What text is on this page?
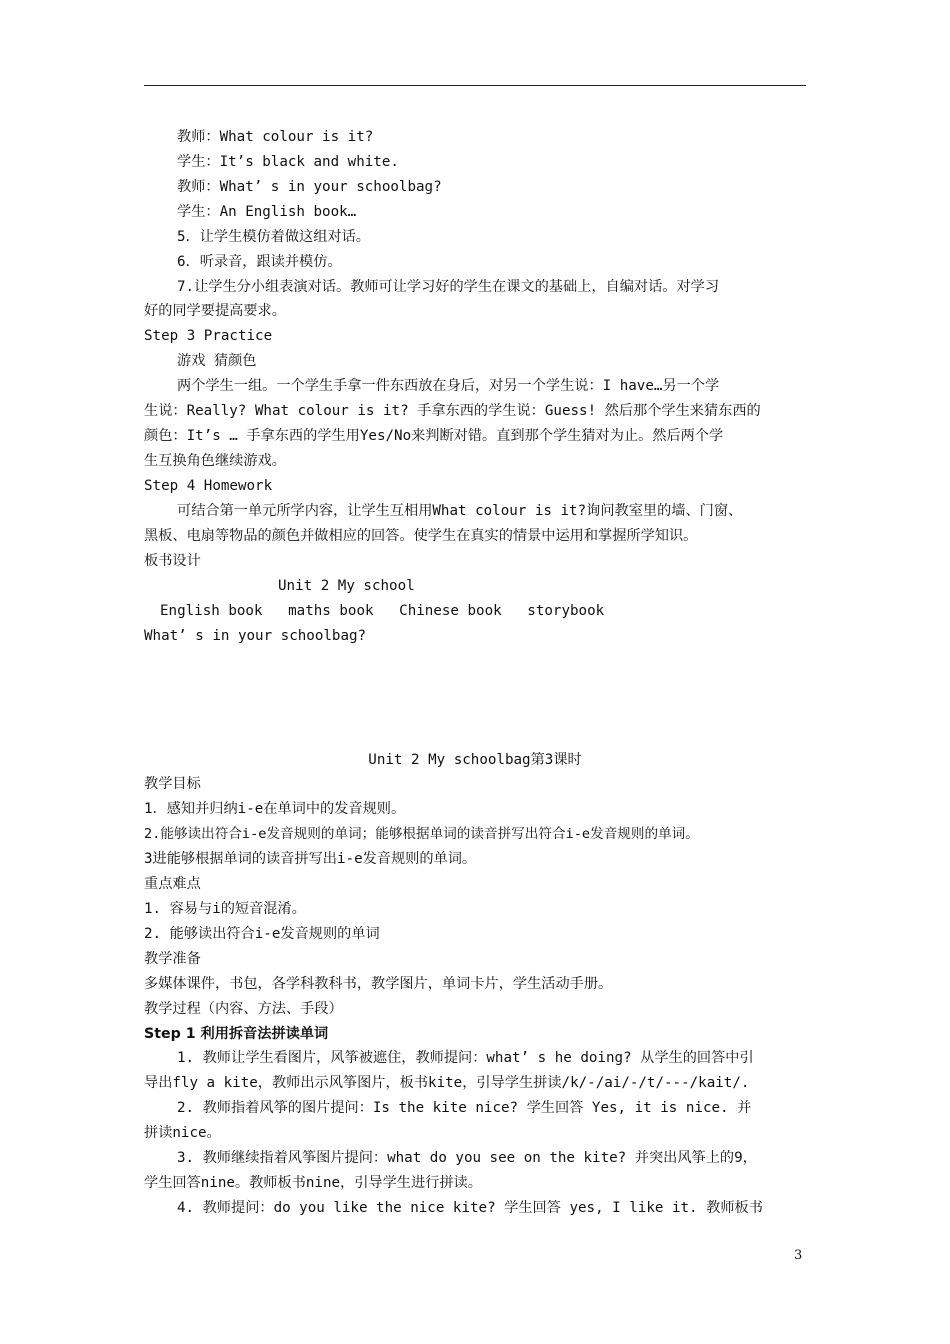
教师：What colour is it?
学生：It’s black and white.
教师：What’ s in your schoolbag?
学生：An English book…
5．让学生模仿着做这组对话。
6．听录音，跟读并模仿。
7.让学生分小组表演对话。教师可让学习好的学生在课文的基础上，自编对话。对学习
好的同学要提高要求。
Step 3 Practice
游戏 猜颜色
两个学生一组。一个学生手拿一件东西放在身后，对另一个学生说：I have…另一个学
生说：Really? What colour is it? 手拿东西的学生说：Guess! 然后那个学生来猜东西的
颜色：It’s … 手拿东西的学生用Yes/No来判断对错。直到那个学生猜对为止。然后两个学
生互换角色继续游戏。
Step 4 Homework
可结合第一单元所学内容，让学生互相用What colour is it?询问教室里的墙、门窗、
黑板、电扇等物品的颜色并做相应的回答。使学生在真实的情景中运用和掌握所学知识。
板书设计
Unit 2 My school
English book   maths book   Chinese book   storybook
What’ s in your schoolbag?
Unit 2 My schoolbag第3课时
教学目标
1．感知并归纳i-e在单词中的发音规则。
2.能够读出符合i-e发音规则的单词；能够根据单词的读音拼写出符合i-e发音规则的单词。
3进能够根据单词的读音拼写出i-e发音规则的单词。
重点难点
1. 容易与i的短音混淆。
2. 能够读出符合i-e发音规则的单词
教学准备
多媒体课件，书包，各学科教科书，教学图片，单词卡片，学生活动手册。
教学过程（内容、方法、手段）
Step 1 利用拆音法拼读单词
1. 教师让学生看图片，风筝被遮住，教师提问：what’ s he doing? 从学生的回答中引
导出fly a kite，教师出示风筝图片，板书kite，引导学生拼读/k/-/ai/-/t/---/kait/.
2. 教师指着风筝的图片提问：Is the kite nice? 学生回答 Yes, it is nice. 并
拼读nice。
3. 教师继续指着风筝图片提问：what do you see on the kite? 并突出风筝上的9，
学生回答nine。教师板书nine，引导学生进行拼读。
4. 教师提问：do you like the nice kite? 学生回答 yes, I like it. 教师板书
3
